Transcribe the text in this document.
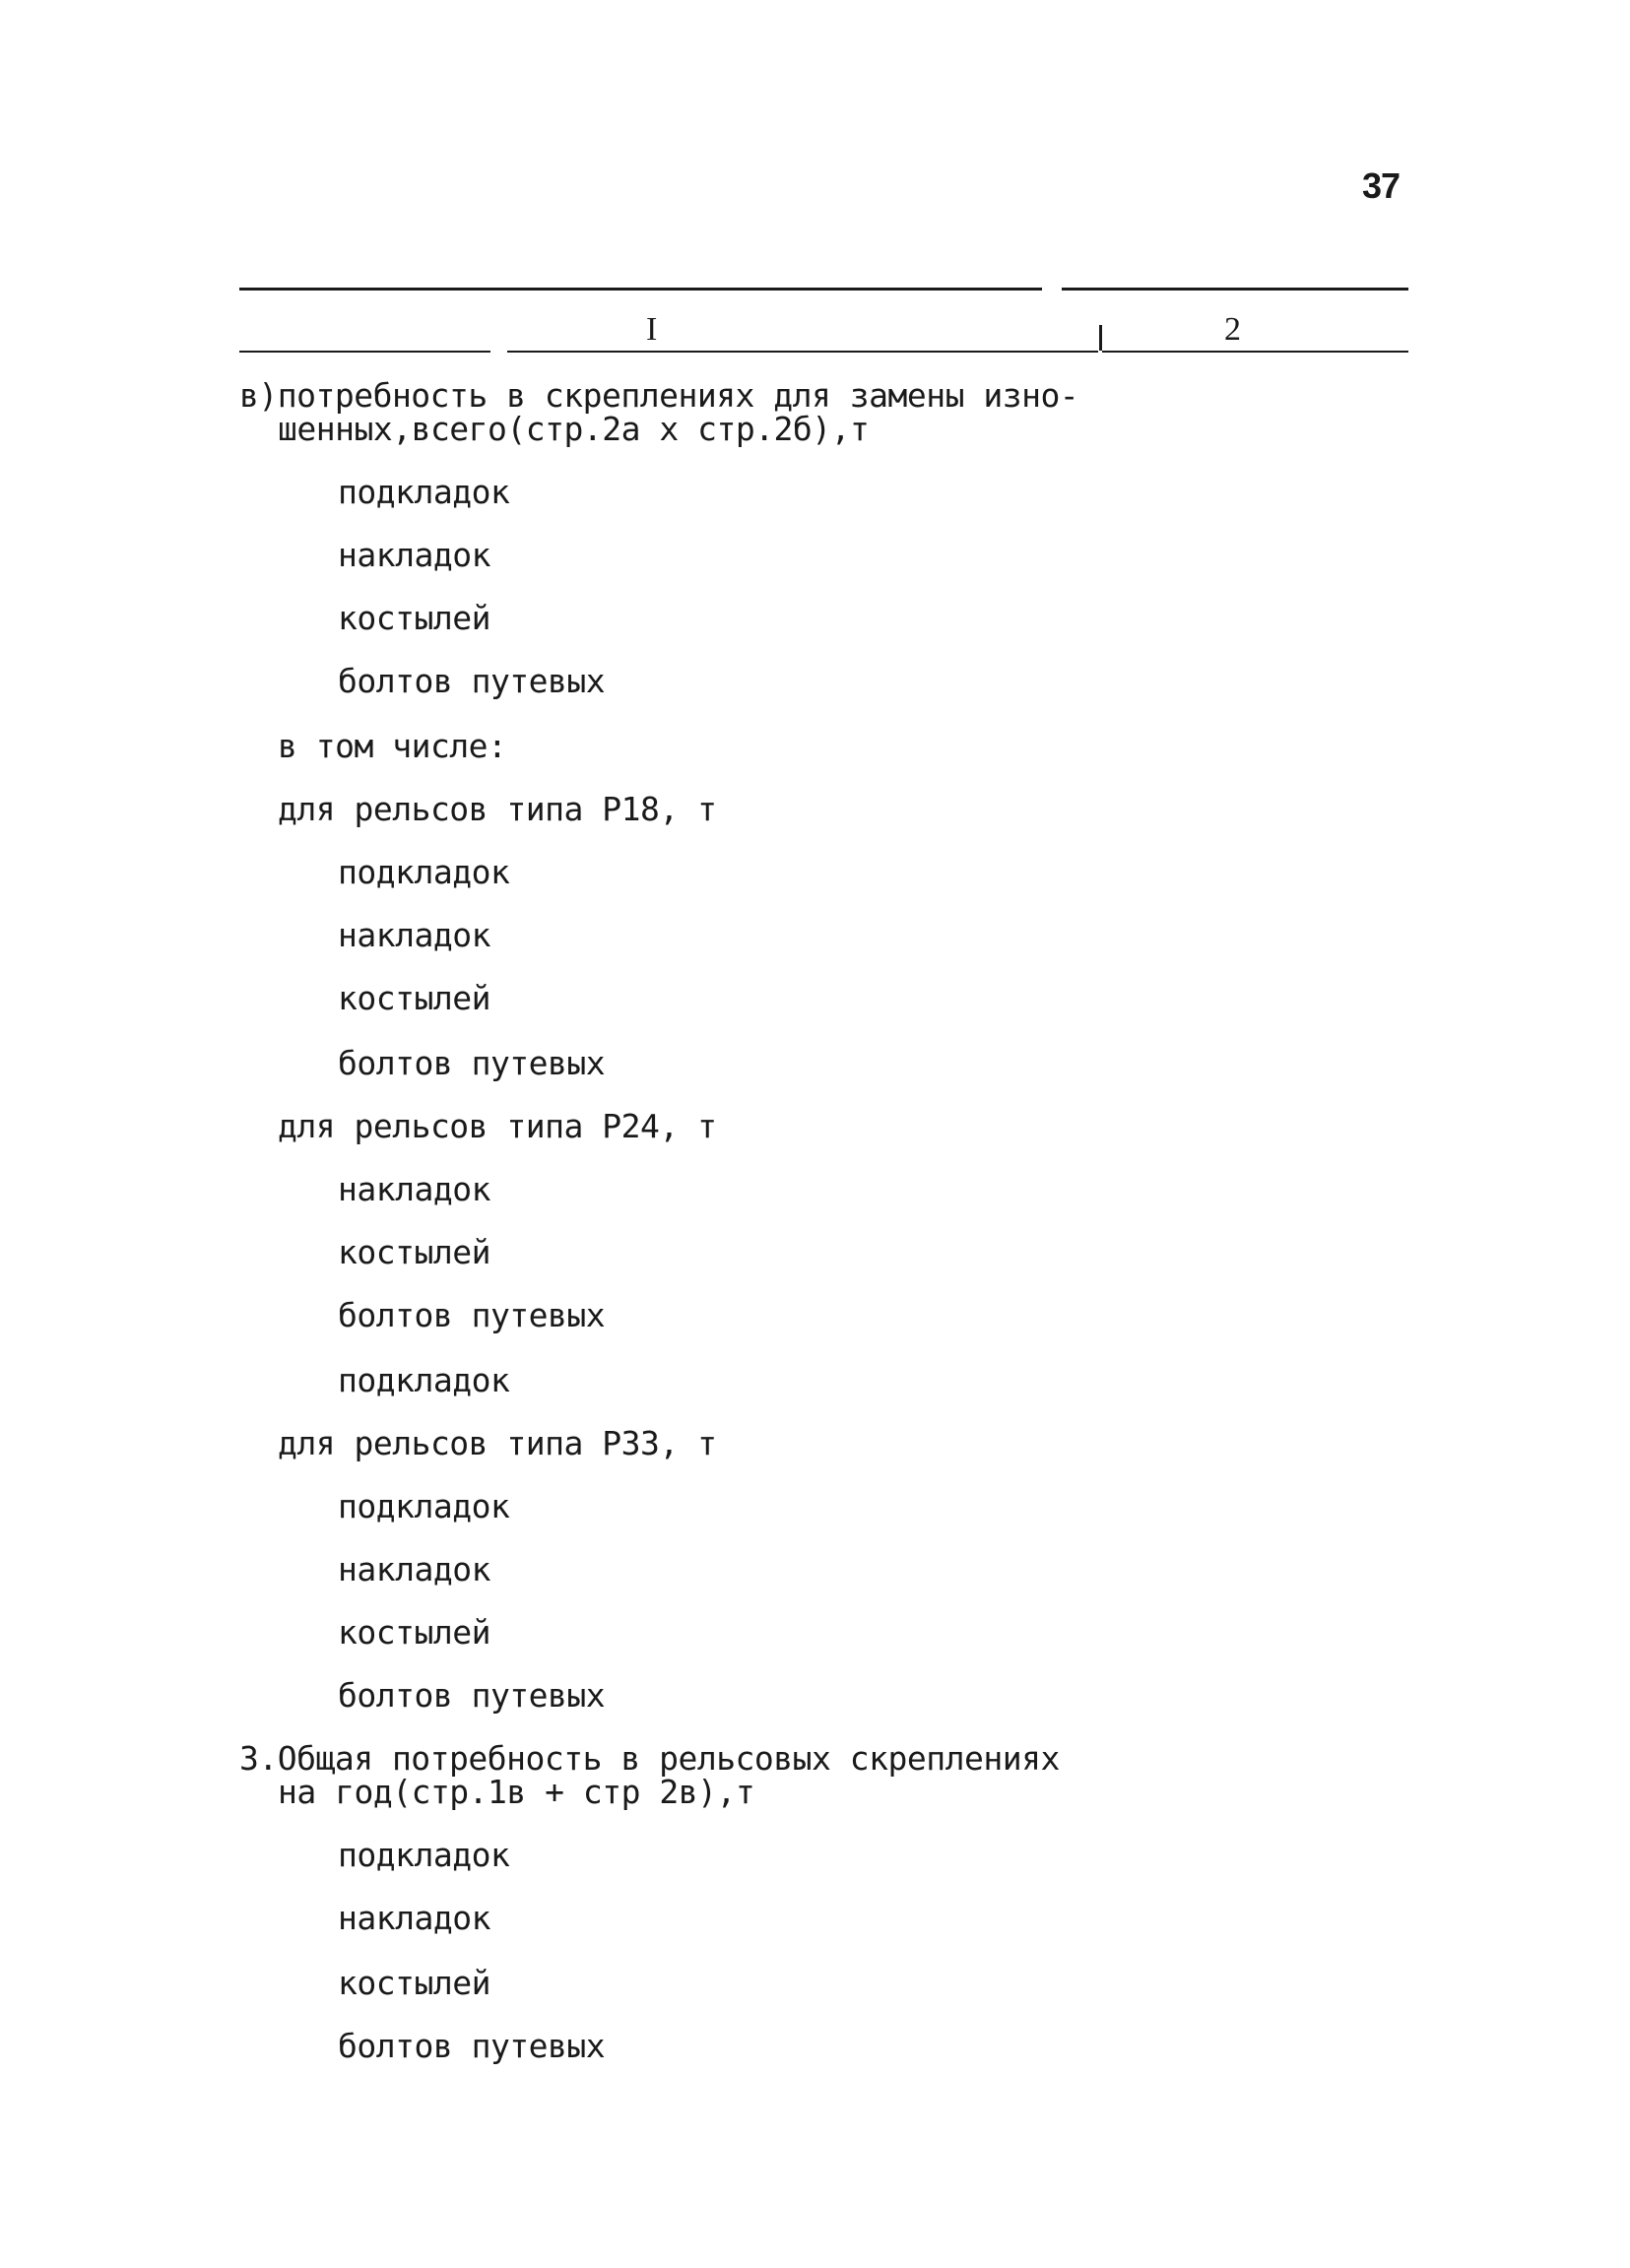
37
I	2
в)потребность в скреплениях для замены изно-
шенных,всего(стр.2а х стр.2б),т
подкладок
накладок
костылей
болтов путевых
в том числе:
для рельсов типа Р18, т
подкладок
накладок
костылей
болтов путевых
для рельсов типа Р24, т
накладок
костылей
болтов путевых
подкладок
для рельсов типа Р33, т
подкладок
накладок
костылей
болтов путевых
3.Общая потребность в рельсовых скреплениях
на год(стр.1в + стр 2в),т
подкладок
накладок
костылей
болтов путевых
